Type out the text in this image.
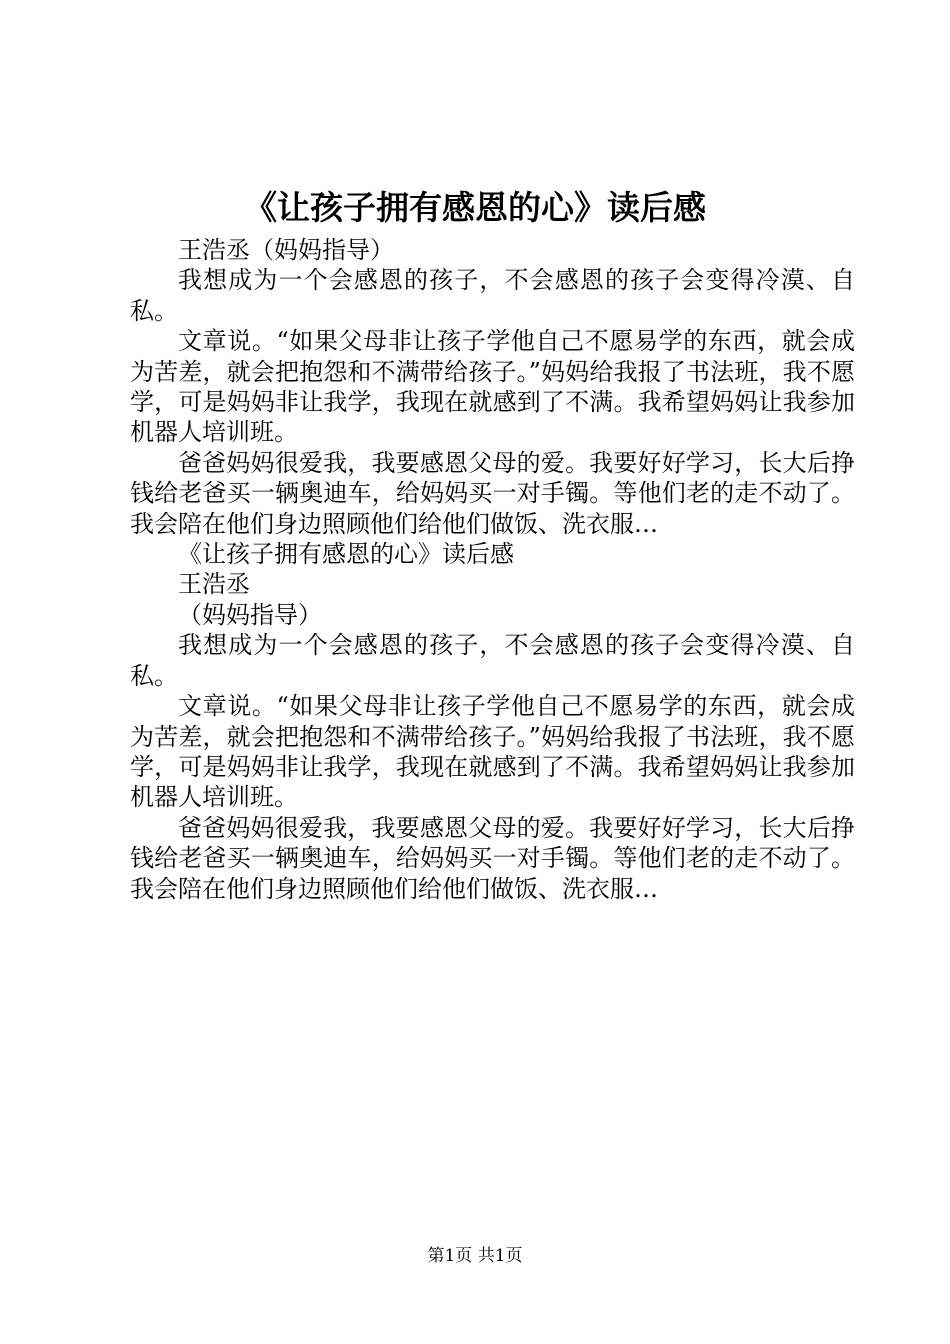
《让孩子拥有感恩的心》读后感

王浩丞（妈妈指导）

我想成为一个会感恩的孩子，不会感恩的孩子会变得冷漠、自私。

文章说。“如果父母非让孩子学他自己不愿易学的东西，就会成为苦差，就会把抱怨和不满带给孩子。”妈妈给我报了书法班，我不愿学，可是妈妈非让我学，我现在就感到了不满。我希望妈妈让我参加机器人培训班。

爸爸妈妈很爱我，我要感恩父母的爱。我要好好学习，长大后挣钱给老爸买一辆奥迪车，给妈妈买一对手镯。等他们老的走不动了。我会陪在他们身边照顾他们给他们做饭、洗衣服…

《让孩子拥有感恩的心》读后感

王浩丞

（妈妈指导）

我想成为一个会感恩的孩子，不会感恩的孩子会变得冷漠、自私。

文章说。“如果父母非让孩子学他自己不愿易学的东西，就会成为苦差，就会把抱怨和不满带给孩子。”妈妈给我报了书法班，我不愿学，可是妈妈非让我学，我现在就感到了不满。我希望妈妈让我参加机器人培训班。

爸爸妈妈很爱我，我要感恩父母的爱。我要好好学习，长大后挣钱给老爸买一辆奥迪车，给妈妈买一对手镯。等他们老的走不动了。我会陪在他们身边照顾他们给他们做饭、洗衣服…

第1页 共1页
